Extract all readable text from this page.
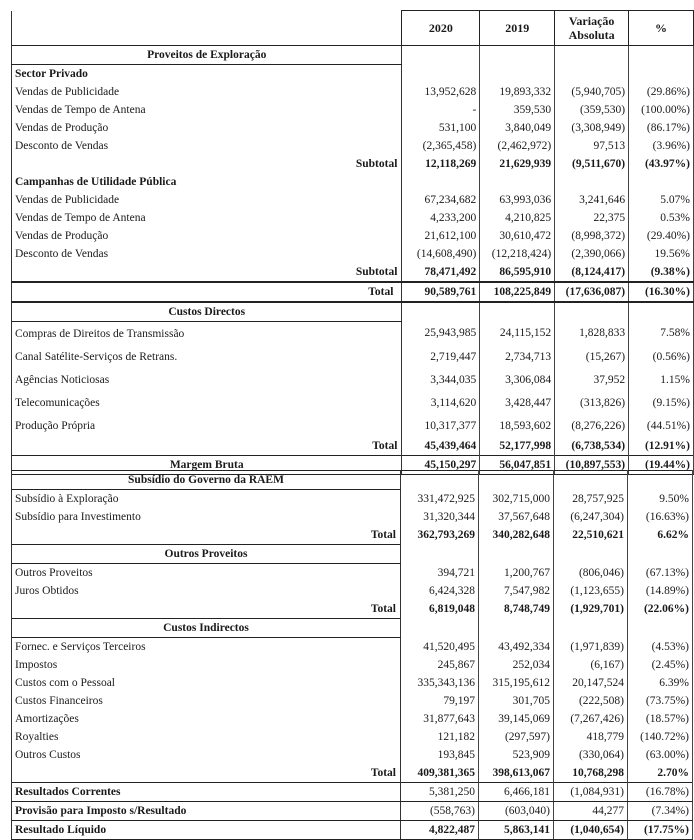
	2020	2019	Variação Absoluta	%
Proveitos de Exploração				
Sector Privado				
Vendas de Publicidade	13,952,628	19,893,332	(5,940,705)	(29.86%)
Vendas de Tempo de Antena	-	359,530	(359,530)	(100.00%)
Vendas de Produção	531,100	3,840,049	(3,308,949)	(86.17%)
Desconto de Vendas	(2,365,458)	(2,462,972)	97,513	(3.96%)
Subtotal	12,118,269	21,629,939	(9,511,670)	(43.97%)
Campanhas de Utilidade Pública				
Vendas de Publicidade	67,234,682	63,993,036	3,241,646	5.07%
Vendas de Tempo de Antena	4,233,200	4,210,825	22,375	0.53%
Vendas de Produção	21,612,100	30,610,472	(8,998,372)	(29.40%)
Desconto de Vendas	(14,608,490)	(12,218,424)	(2,390,066)	19.56%
Subtotal	78,471,492	86,595,910	(8,124,417)	(9.38%)
Total	90,589,761	108,225,849	(17,636,087)	(16.30%)
Custos Directos				
Compras de Direitos de Transmissão	25,943,985	24,115,152	1,828,833	7.58%
Canal Satélite-Serviços de Retrans.	2,719,447	2,734,713	(15,267)	(0.56%)
Agências Noticiosas	3,344,035	3,306,084	37,952	1.15%
Telecomunicações	3,114,620	3,428,447	(313,826)	(9.15%)
Produção Própria	10,317,377	18,593,602	(8,276,226)	(44.51%)
Total	45,439,464	52,177,998	(6,738,534)	(12.91%)
Margem Bruta	45,150,297	56,047,851	(10,897,553)	(19.44%)
Subsídio do Governo da RAEM				
Subsídio à Exploração	331,472,925	302,715,000	28,757,925	9.50%
Subsídio para Investimento	31,320,344	37,567,648	(6,247,304)	(16.63%)
Total	362,793,269	340,282,648	22,510,621	6.62%
Outros Proveitos				
Outros Proveitos	394,721	1,200,767	(806,046)	(67.13%)
Juros Obtidos	6,424,328	7,547,982	(1,123,655)	(14.89%)
Total	6,819,048	8,748,749	(1,929,701)	(22.06%)
Custos Indirectos				
Fornec. e Serviços Terceiros	41,520,495	43,492,334	(1,971,839)	(4.53%)
Impostos	245,867	252,034	(6,167)	(2.45%)
Custos com o Pessoal	335,343,136	315,195,612	20,147,524	6.39%
Custos Financeiros	79,197	301,705	(222,508)	(73.75%)
Amortizações	31,877,643	39,145,069	(7,267,426)	(18.57%)
Royalties	121,182	(297,597)	418,779	(140.72%)
Outros Custos	193,845	523,909	(330,064)	(63.00%)
Total	409,381,365	398,613,067	10,768,298	2.70%
Resultados Correntes	5,381,250	6,466,181	(1,084,931)	(16.78%)
Provisão para Imposto s/Resultado	(558,763)	(603,040)	44,277	(7.34%)
Resultado Líquido	4,822,487	5,863,141	(1,040,654)	(17.75%)
